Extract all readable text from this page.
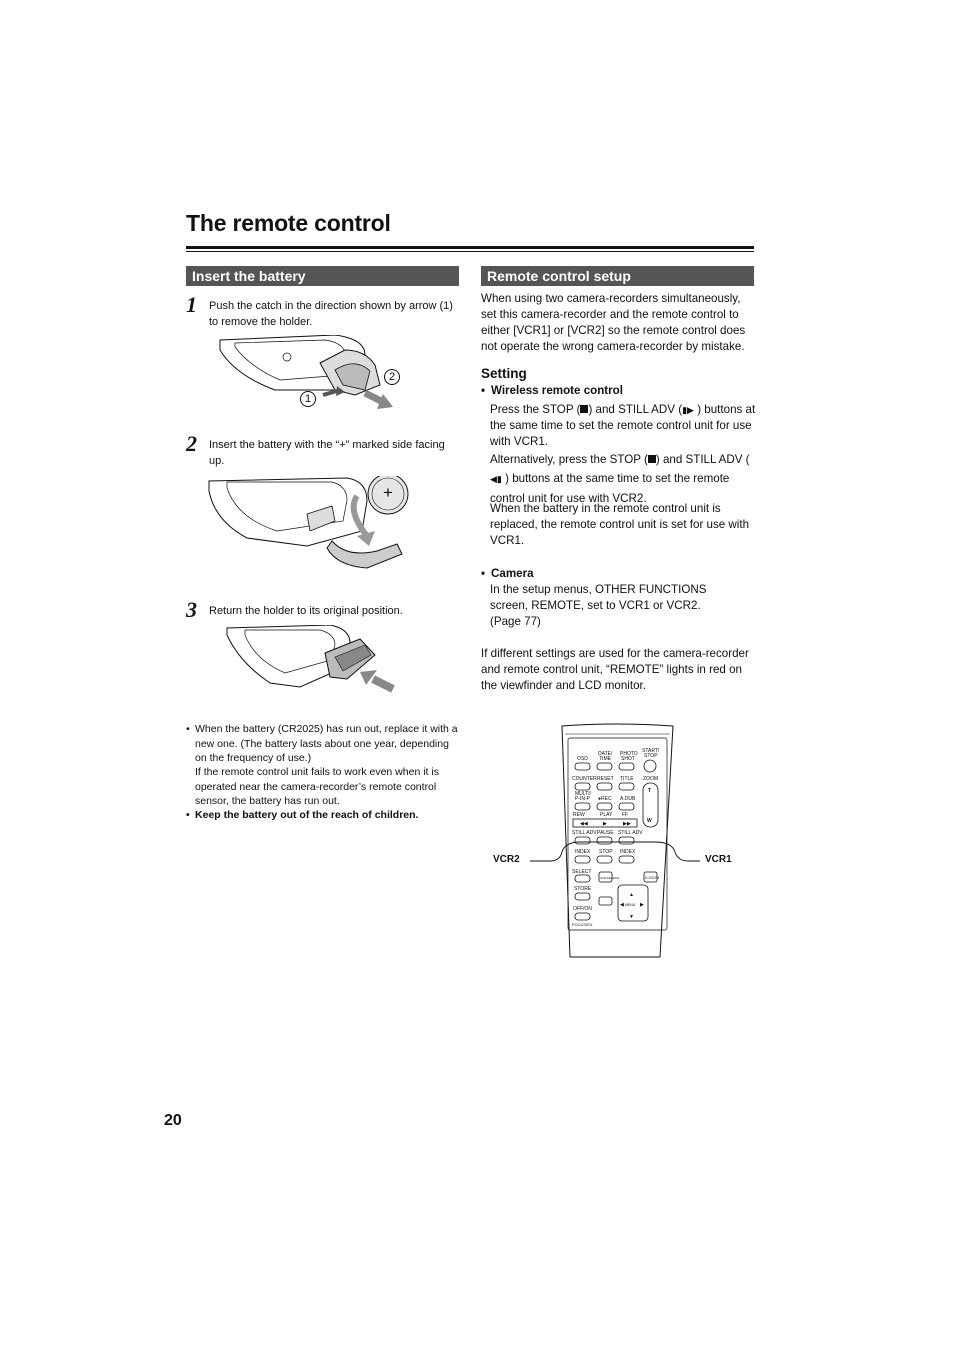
The remote control
Insert the battery
1 Push the catch in the direction shown by arrow (1) to remove the holder.
1
2
2 Insert the battery with the “+” marked side facing up.
+
3 Return the holder to its original position.
• When the battery (CR2025) has run out, replace it with a new one. (The battery lasts about one year, depending on the frequency of use.)
If the remote control unit fails to work even when it is operated near the camera-recorder’s remote control sensor, the battery has run out.
• Keep the battery out of the reach of children.
Remote control setup
When using two camera-recorders simultaneously, set this camera-recorder and the remote control to either [VCR1] or [VCR2] so the remote control does not operate the wrong camera-recorder by mistake.
Setting
• Wireless remote control
Press the STOP ( ) and STILL ADV (▮▶ ) buttons at the same time to set the remote control unit for use with VCR1.
Alternatively, press the STOP ( ) and STILL ADV ( ◀▮ ) buttons at the same time to set the remote control unit for use with VCR2.
When the battery in the remote control unit is replaced, the remote control unit is set for use with VCR1.
• Camera
In the setup menus, OTHER FUNCTIONS screen, REMOTE, set to VCR1 or VCR2. (Page 77)
If different settings are used for the camera-recorder and remote control unit, “REMOTE” lights in red on the viewfinder and LCD monitor.
OSD
DATE/
TIME
PHOTO
SHOT
START/
STOP
COUNTER RESET TITLE ZOOM
T
W
MULTI/
P-IN-P ●REC A.DUB
REW	PLAY FF
◀◀	▶	▶▶
STILL ADV PAUSE STILL ADV
INDEX STOP INDEX
SELECT
VAR.SEARCH	D.ZOOM
STORE
▲
▼
◀	▶
MENU
OFF/ON
FOCUS/FIL
VCR2	VCR1
20
